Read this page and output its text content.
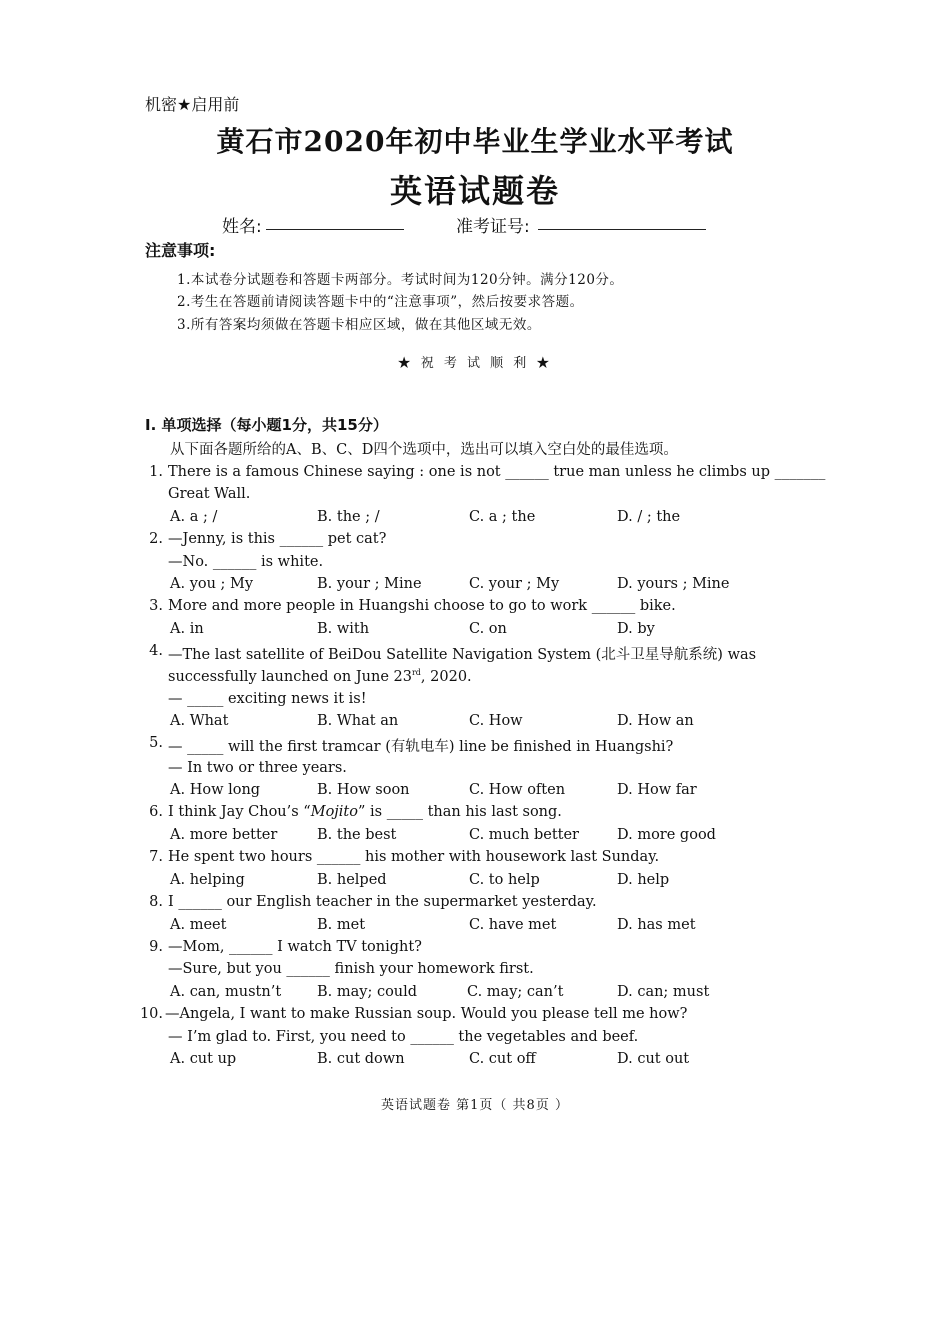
机密★启用前
黄石市2020年初中毕业生学业水平考试
英语试题卷
姓名:	准考证号:
注意事项:
1.本试卷分试题卷和答题卡两部分。考试时间为120分钟。满分120分。
2.考生在答题前请阅读答题卡中的“注意事项”，然后按要求答题。
3.所有答案均须做在答题卡相应区域，做在其他区域无效。
★ 祝 考 试 顺 利 ★
I. 单项选择（每小题1分，共15分）
从下面各题所给的A、B、C、D四个选项中，选出可以填入空白处的最佳选项。
1. There is a famous Chinese saying : one is not ______ true man unless he climbs up _______
Great Wall.
A. a ; /	B. the ; /	C. a ; the	D. / ; the
2. —Jenny, is this ______ pet cat?
—No. ______ is white.
A. you ; My	B. your ; Mine	C. your ; My	D. yours ; Mine
3. More and more people in Huangshi choose to go to work ______ bike.
A. in	B. with	C. on	D. by
4. —The last satellite of BeiDou Satellite Navigation System (北斗卫星导航系统) was
successfully launched on June 23rd, 2020.
— _____ exciting news it is!
A. What	B. What an	C. How	D. How an
5. — _____ will the first tramcar (有轨电车) line be finished in Huangshi?
— In two or three years.
A. How long	B. How soon	C. How often	D. How far
6. I think Jay Chou’s “Mojito” is _____ than his last song.
A. more better	B. the best	C. much better	D. more good
7. He spent two hours ______ his mother with housework last Sunday.
A. helping	B. helped	C. to help	D. help
8. I ______ our English teacher in the supermarket yesterday.
A. meet	B. met	C. have met	D. has met
9. —Mom, ______ I watch TV tonight?
—Sure, but you ______ finish your homework first.
A. can, mustn’t B. may; could	C. may; can’t	D. can; must
10. —Angela, I want to make Russian soup. Would you please tell me how?
— I’m glad to. First, you need to ______ the vegetables and beef.
A. cut up	B. cut down	C. cut off	D. cut out
英语试题卷 第1页（ 共8页 ）
